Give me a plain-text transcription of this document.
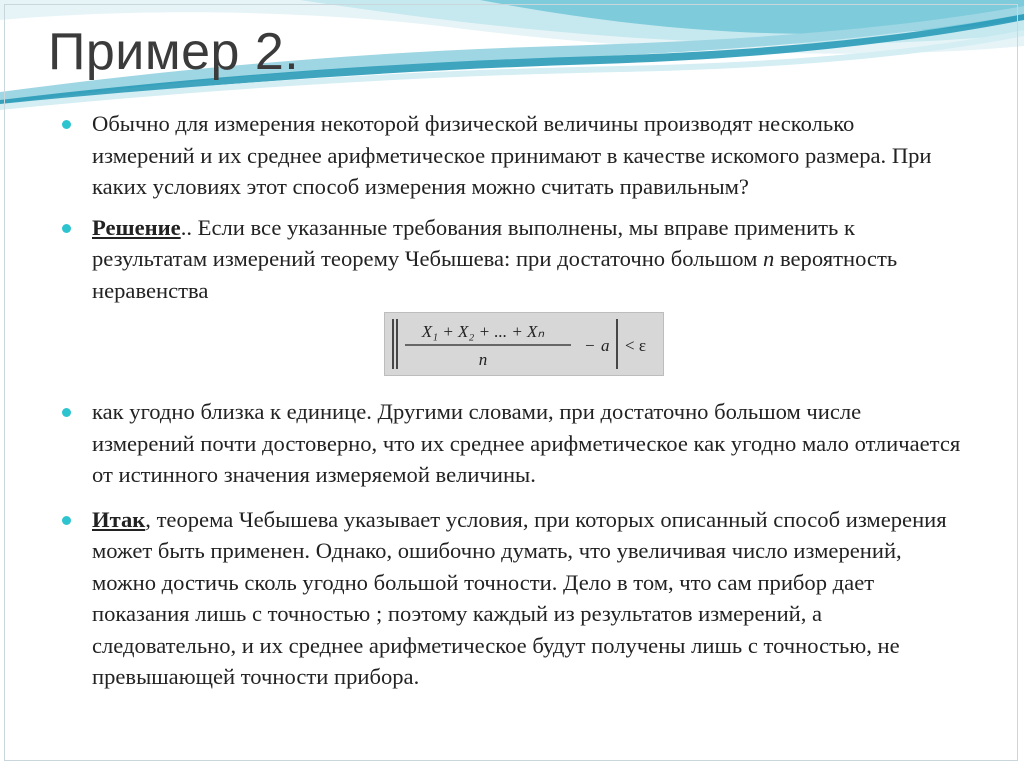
Пример 2.
Обычно для измерения некоторой физической величины производят несколько измерений и их среднее арифметическое принимают в качестве искомого размера. При каких условиях этот способ измерения можно считать правильным?
Решение.. Если все указанные требования выполнены, мы вправе применить к результатам измерений теорему Чебышева: при достаточно большом n вероятность неравенства
X₁ + X₂ + ... + Xₙ
n
− a < ε
как угодно близка к единице. Другими словами, при достаточно большом числе измерений почти достоверно, что их среднее арифметическое как угодно мало отличается от истинного значения измеряемой величины.
Итак, теорема Чебышева указывает условия, при которых описанный способ измерения может быть применен. Однако, ошибочно думать, что увеличивая число измерений, можно достичь сколь угодно большой точности. Дело в том, что сам прибор дает показания лишь с точностью ; поэтому каждый из результатов измерений, а следовательно, и их среднее арифметическое будут получены лишь с точностью, не превышающей точности прибора.
